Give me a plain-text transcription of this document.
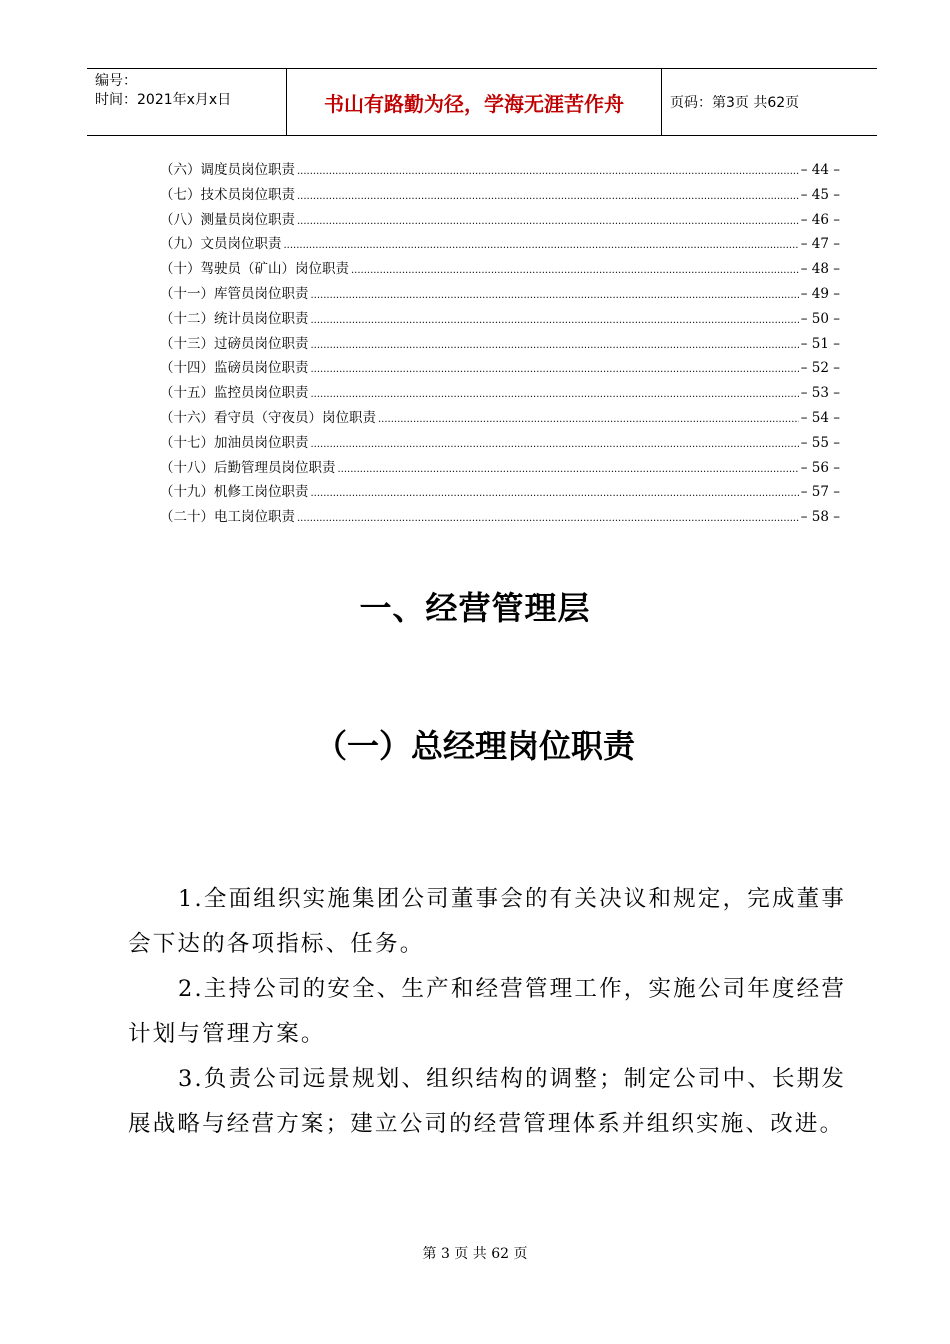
编号：
时间：2021年x月x日	书山有路勤为径，学海无涯苦作舟	页码：第3页 共62页
（六）调度员岗位职责 .....	– 44 –
（七）技术员岗位职责 .....	– 45 –
（八）测量员岗位职责 .....	– 46 –
（九）文员岗位职责 .....	– 47 –
（十）驾驶员（矿山）岗位职责 .....	– 48 –
（十一）库管员岗位职责 .....	– 49 –
（十二）统计员岗位职责 .....	– 50 –
（十三）过磅员岗位职责 .....	– 51 –
（十四）监磅员岗位职责 .....	– 52 –
（十五）监控员岗位职责 .....	– 53 –
（十六）看守员（守夜员）岗位职责 .....	– 54 –
（十七）加油员岗位职责 .....	– 55 –
（十八）后勤管理员岗位职责 .....	– 56 –
（十九）机修工岗位职责 .....	– 57 –
（二十）电工岗位职责 .....	– 58 –
一、经营管理层
（一）总经理岗位职责

1.全面组织实施集团公司董事会的有关决议和规定，完成董事会下达的各项指标、任务。

2.主持公司的安全、生产和经营管理工作，实施公司年度经营计划与管理方案。

3.负责公司远景规划、组织结构的调整；制定公司中、长期发展战略与经营方案；建立公司的经营管理体系并组织实施、改进。

第 3 页 共 62 页
